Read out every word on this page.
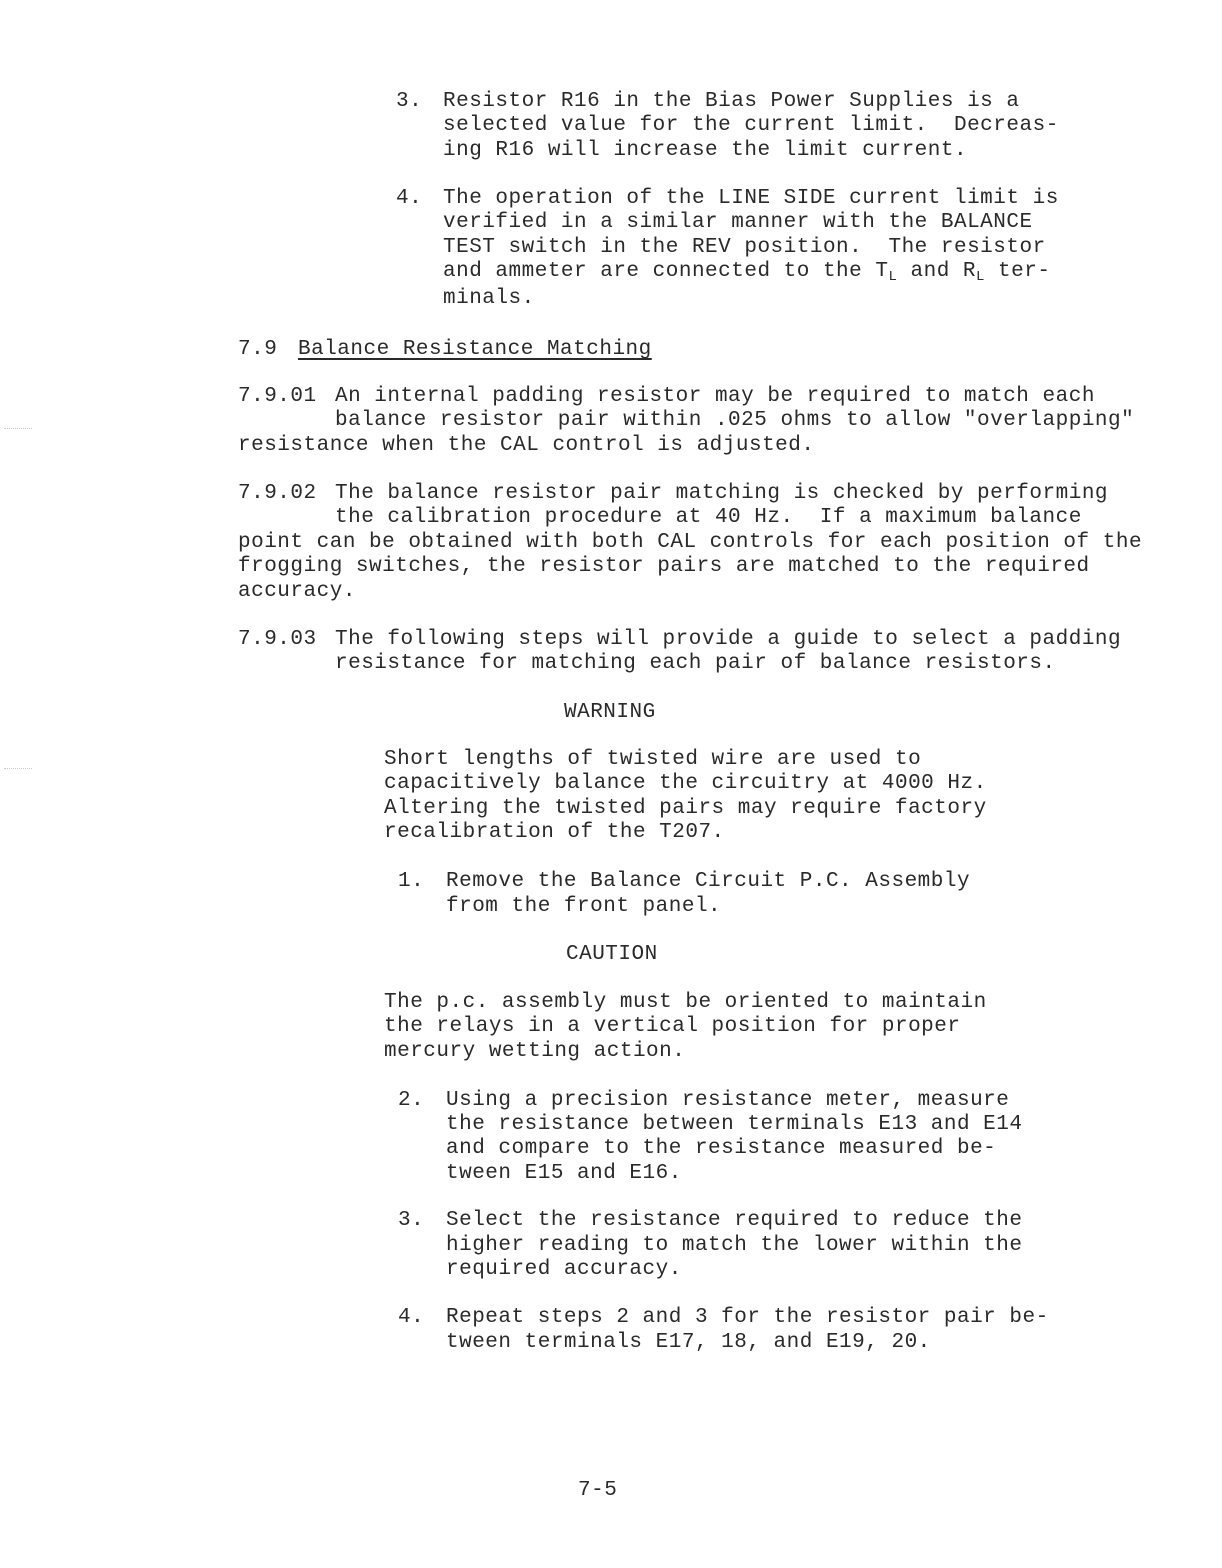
3. Resistor R16 in the Bias Power Supplies is a
selected value for the current limit.  Decreas-
ing R16 will increase the limit current.
4. The operation of the LINE SIDE current limit is
verified in a similar manner with the BALANCE
TEST switch in the REV position.  The resistor
and ammeter are connected to the $T_L$ and $R_L$ ter-
minals.
7.9 Balance Resistance Matching
7.9.01 An internal padding resistor may be required to match each
balance resistor pair within .025 ohms to allow "overlapping"
resistance when the CAL control is adjusted.
7.9.02 The balance resistor pair matching is checked by performing
the calibration procedure at 40 Hz.  If a maximum balance
point can be obtained with both CAL controls for each position of the
frogging switches, the resistor pairs are matched to the required
accuracy.
7.9.03 The following steps will provide a guide to select a padding
resistance for matching each pair of balance resistors.
WARNING
Short lengths of twisted wire are used to
capacitively balance the circuitry at 4000 Hz.
Altering the twisted pairs may require factory
recalibration of the T207.
1. Remove the Balance Circuit P.C. Assembly
from the front panel.
CAUTION
The p.c. assembly must be oriented to maintain
the relays in a vertical position for proper
mercury wetting action.
2. Using a precision resistance meter, measure
the resistance between terminals E13 and E14
and compare to the resistance measured be-
tween E15 and E16.
3. Select the resistance required to reduce the
higher reading to match the lower within the
required accuracy.
4. Repeat steps 2 and 3 for the resistor pair be-
tween terminals E17, 18, and E19, 20.
7-5
